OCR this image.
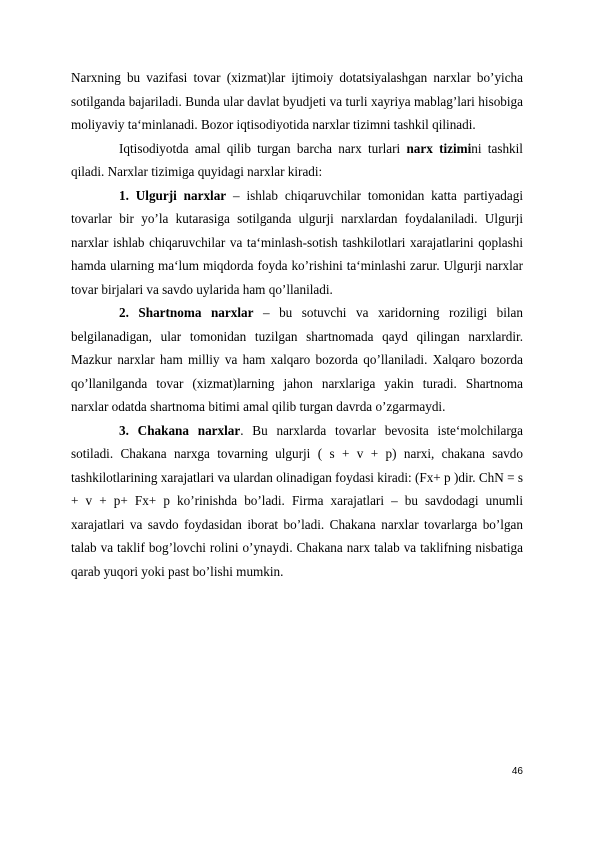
Narxning bu vazifasi tovar (xizmat)lar ijtimoiy dotatsiyalashgan narxlar bo’yicha sotilganda bajariladi. Bunda ular davlat byudjeti va turli xayriya mablag’lari hisobiga moliyaviy ta‘minlanadi. Bozor iqtisodiyotida narxlar tizimni tashkil qilinadi.

Iqtisodiyotda amal qilib turgan barcha narx turlari narx tizimini tashkil qiladi. Narxlar tizimiga quyidagi narxlar kiradi:

1. Ulgurji narxlar – ishlab chiqaruvchilar tomonidan katta partiyadagi tovarlar bir yo’la kutarasiga sotilganda ulgurji narxlardan foydalaniladi. Ulgurji narxlar ishlab chiqaruvchilar va ta‘minlash-sotish tashkilotlari xarajatlarini qoplashi hamda ularning ma‘lum miqdorda foyda ko’rishini ta‘minlashi zarur. Ulgurji narxlar tovar birjalari va savdo uylarida ham qo’llaniladi.

2. Shartnoma narxlar – bu sotuvchi va xaridorning roziligi bilan belgilanadigan, ular tomonidan tuzilgan shartnomada qayd qilingan narxlardir. Mazkur narxlar ham milliy va ham xalqaro bozorda qo’llaniladi. Xalqaro bozorda qo’llanilganda tovar (xizmat)larning jahon narxlariga yakin turadi. Shartnoma narxlar odatda shartnoma bitimi amal qilib turgan davrda o’zgarmaydi.

3. Chakana narxlar. Bu narxlarda tovarlar bevosita iste‘molchilarga sotiladi. Chakana narxga tovarning ulgurji ( s + v + p) narxi, chakana savdo tashkilotlarining xarajatlari va ulardan olinadigan foydasi kiradi: (Fx+ p )dir. ChN = s + v + p+ Fx+ p ko’rinishda bo’ladi. Firma xarajatlari – bu savdodagi unumli xarajatlari va savdo foydasidan iborat bo’ladi. Chakana narxlar tovarlarga bo’lgan talab va taklif bog’lovchi rolini o’ynaydi. Chakana narx talab va taklifning nisbatiga qarab yuqori yoki past bo’lishi mumkin.

46
